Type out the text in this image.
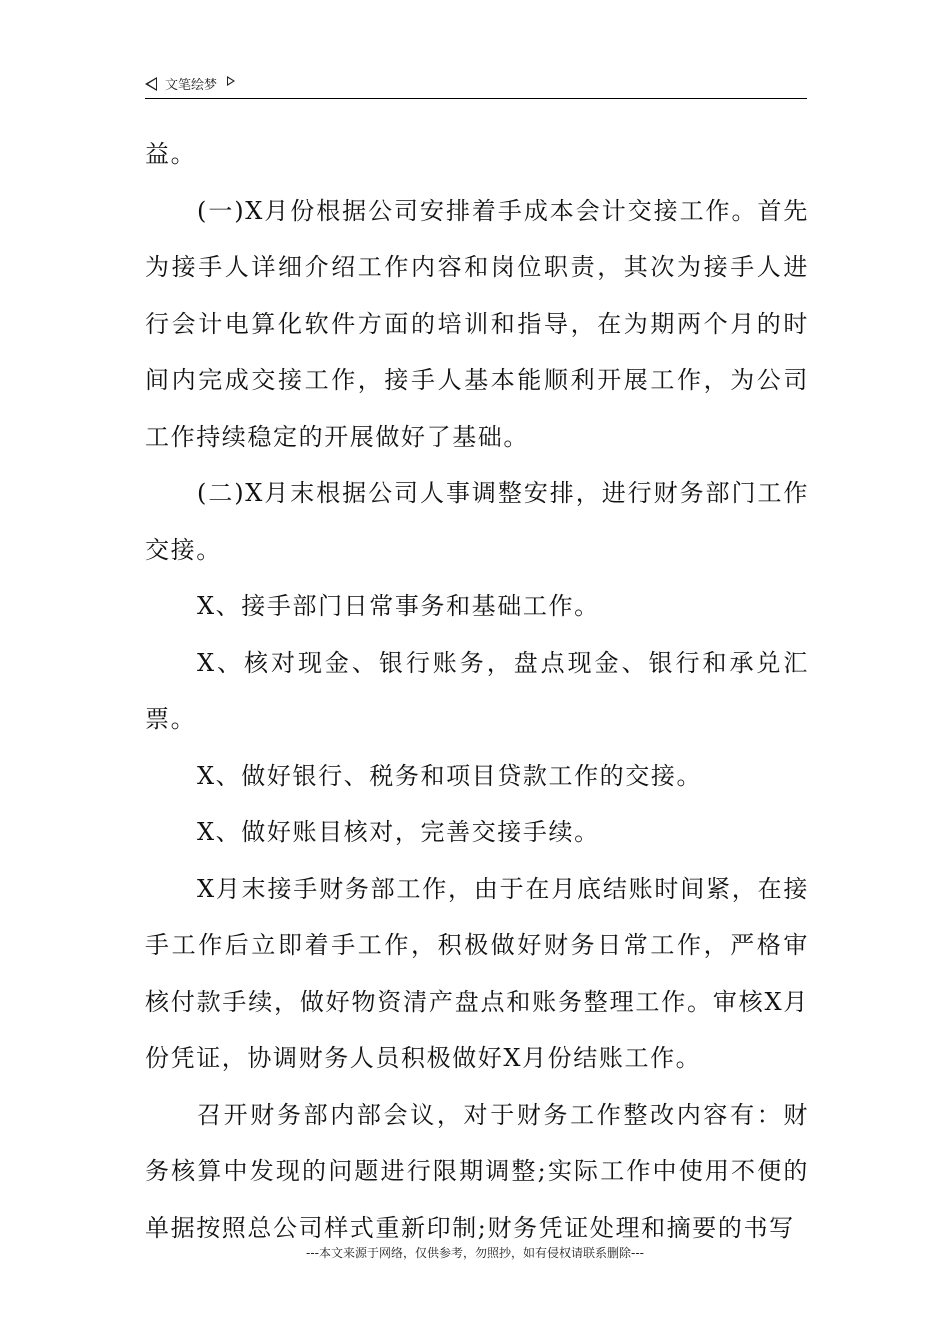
文笔绘梦

益。

(一)X月份根据公司安排着手成本会计交接工作。首先为接手人详细介绍工作内容和岗位职责，其次为接手人进行会计电算化软件方面的培训和指导，在为期两个月的时间内完成交接工作，接手人基本能顺利开展工作，为公司工作持续稳定的开展做好了基础。

(二)X月末根据公司人事调整安排，进行财务部门工作交接。

X、接手部门日常事务和基础工作。

X、核对现金、银行账务，盘点现金、银行和承兑汇票。

X、做好银行、税务和项目贷款工作的交接。

X、做好账目核对，完善交接手续。

X月末接手财务部工作，由于在月底结账时间紧，在接手工作后立即着手工作，积极做好财务日常工作，严格审核付款手续，做好物资清产盘点和账务整理工作。审核X月份凭证，协调财务人员积极做好X月份结账工作。

召开财务部内部会议，对于财务工作整改内容有：财务核算中发现的问题进行限期调整;实际工作中使用不便的单据按照总公司样式重新印制;财务凭证处理和摘要的书写

---本文来源于网络，仅供参考，勿照抄，如有侵权请联系删除---
